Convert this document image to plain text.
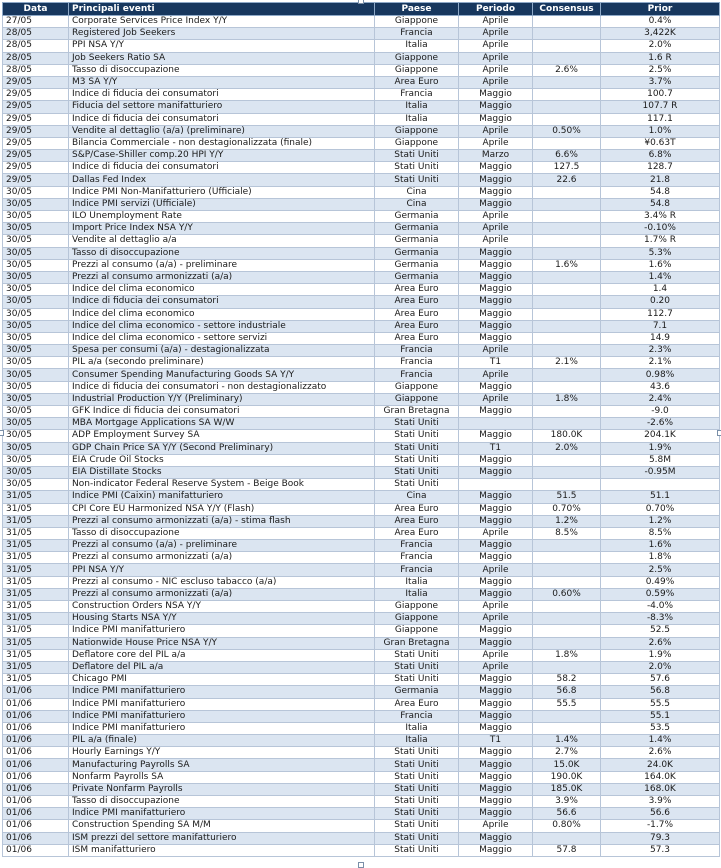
Data	Principali eventi	Paese	Periodo	Consensus	Prior
27/05	Corporate Services Price Index Y/Y	Giappone	Aprile		0.4%
28/05	Registered Job Seekers	Francia	Aprile		3,422K
28/05	PPI NSA Y/Y	Italia	Aprile		2.0%
28/05	Job Seekers Ratio SA	Giappone	Aprile		1.6 R
28/05	Tasso di disoccupazione	Giappone	Aprile	2.6%	2.5%
29/05	M3 SA Y/Y	Area Euro	Aprile		3.7%
29/05	Indice di fiducia dei consumatori	Francia	Maggio		100.7
29/05	Fiducia del settore manifatturiero	Italia	Maggio		107.7 R
29/05	Indice di fiducia dei consumatori	Italia	Maggio		117.1
29/05	Vendite al dettaglio (a/a) (preliminare)	Giappone	Aprile	0.50%	1.0%
29/05	Bilancia Commerciale - non destagionalizzata (finale)	Giappone	Aprile		¥0.63T
29/05	S&P/Case-Shiller comp.20 HPI Y/Y	Stati Uniti	Marzo	6.6%	6.8%
29/05	Indice di fiducia dei consumatori	Stati Uniti	Maggio	127.5	128.7
29/05	Dallas Fed Index	Stati Uniti	Maggio	22.6	21.8
30/05	Indice PMI Non-Manifatturiero (Ufficiale)	Cina	Maggio		54.8
30/05	Indice PMI servizi (Ufficiale)	Cina	Maggio		54.8
30/05	ILO Unemployment Rate	Germania	Aprile		3.4% R
30/05	Import Price Index NSA Y/Y	Germania	Aprile		-0.10%
30/05	Vendite al dettaglio a/a	Germania	Aprile		1.7% R
30/05	Tasso di disoccupazione	Germania	Maggio		5.3%
30/05	Prezzi al consumo (a/a) - preliminare	Germania	Maggio	1.6%	1.6%
30/05	Prezzi al consumo armonizzati (a/a)	Germania	Maggio		1.4%
30/05	Indice del clima economico	Area Euro	Maggio		1.4
30/05	Indice di fiducia dei consumatori	Area Euro	Maggio		0.20
30/05	Indice del clima economico	Area Euro	Maggio		112.7
30/05	Indice del clima economico - settore industriale	Area Euro	Maggio		7.1
30/05	Indice del clima economico - settore servizi	Area Euro	Maggio		14.9
30/05	Spesa per consumi (a/a) - destagionalizzata	Francia	Aprile		2.3%
30/05	PIL a/a (secondo preliminare)	Francia	T1	2.1%	2.1%
30/05	Consumer Spending Manufacturing Goods SA Y/Y	Francia	Aprile		0.98%
30/05	Indice di fiducia dei consumatori - non destagionalizzato	Giappone	Maggio		43.6
30/05	Industrial Production Y/Y (Preliminary)	Giappone	Aprile	1.8%	2.4%
30/05	GFK Indice di fiducia dei consumatori	Gran Bretagna	Maggio		-9.0
30/05	MBA Mortgage Applications SA W/W	Stati Uniti			-2.6%
30/05	ADP Employment Survey SA	Stati Uniti	Maggio	180.0K	204.1K
30/05	GDP Chain Price SA Y/Y (Second Preliminary)	Stati Uniti	T1	2.0%	1.9%
30/05	EIA Crude Oil Stocks	Stati Uniti	Maggio		5.8M
30/05	EIA Distillate Stocks	Stati Uniti	Maggio		-0.95M
30/05	Non-indicator Federal Reserve System - Beige Book	Stati Uniti			
31/05	Indice PMI (Caixin) manifatturiero	Cina	Maggio	51.5	51.1
31/05	CPI Core EU Harmonized NSA Y/Y (Flash)	Area Euro	Maggio	0.70%	0.70%
31/05	Prezzi al consumo armonizzati (a/a) - stima flash	Area Euro	Maggio	1.2%	1.2%
31/05	Tasso di disoccupazione	Area Euro	Aprile	8.5%	8.5%
31/05	Prezzi al consumo (a/a) - preliminare	Francia	Maggio		1.6%
31/05	Prezzi al consumo armonizzati (a/a)	Francia	Maggio		1.8%
31/05	PPI NSA Y/Y	Francia	Aprile		2.5%
31/05	Prezzi al consumo - NIC escluso tabacco (a/a)	Italia	Maggio		0.49%
31/05	Prezzi al consumo armonizzati (a/a)	Italia	Maggio	0.60%	0.59%
31/05	Construction Orders NSA Y/Y	Giappone	Aprile		-4.0%
31/05	Housing Starts NSA Y/Y	Giappone	Aprile		-8.3%
31/05	Indice PMI manifatturiero	Giappone	Maggio		52.5
31/05	Nationwide House Price NSA Y/Y	Gran Bretagna	Maggio		2.6%
31/05	Deflatore core del PIL a/a	Stati Uniti	Aprile	1.8%	1.9%
31/05	Deflatore del PIL a/a	Stati Uniti	Aprile		2.0%
31/05	Chicago PMI	Stati Uniti	Maggio	58.2	57.6
01/06	Indice PMI manifatturiero	Germania	Maggio	56.8	56.8
01/06	Indice PMI manifatturiero	Area Euro	Maggio	55.5	55.5
01/06	Indice PMI manifatturiero	Francia	Maggio		55.1
01/06	Indice PMI manifatturiero	Italia	Maggio		53.5
01/06	PIL a/a (finale)	Italia	T1	1.4%	1.4%
01/06	Hourly Earnings Y/Y	Stati Uniti	Maggio	2.7%	2.6%
01/06	Manufacturing Payrolls SA	Stati Uniti	Maggio	15.0K	24.0K
01/06	Nonfarm Payrolls SA	Stati Uniti	Maggio	190.0K	164.0K
01/06	Private Nonfarm Payrolls	Stati Uniti	Maggio	185.0K	168.0K
01/06	Tasso di disoccupazione	Stati Uniti	Maggio	3.9%	3.9%
01/06	Indice PMI manifatturiero	Stati Uniti	Maggio	56.6	56.6
01/06	Construction Spending SA M/M	Stati Uniti	Aprile	0.80%	-1.7%
01/06	ISM prezzi del settore manifatturiero	Stati Uniti	Maggio		79.3
01/06	ISM manifatturiero	Stati Uniti	Maggio	57.8	57.3
